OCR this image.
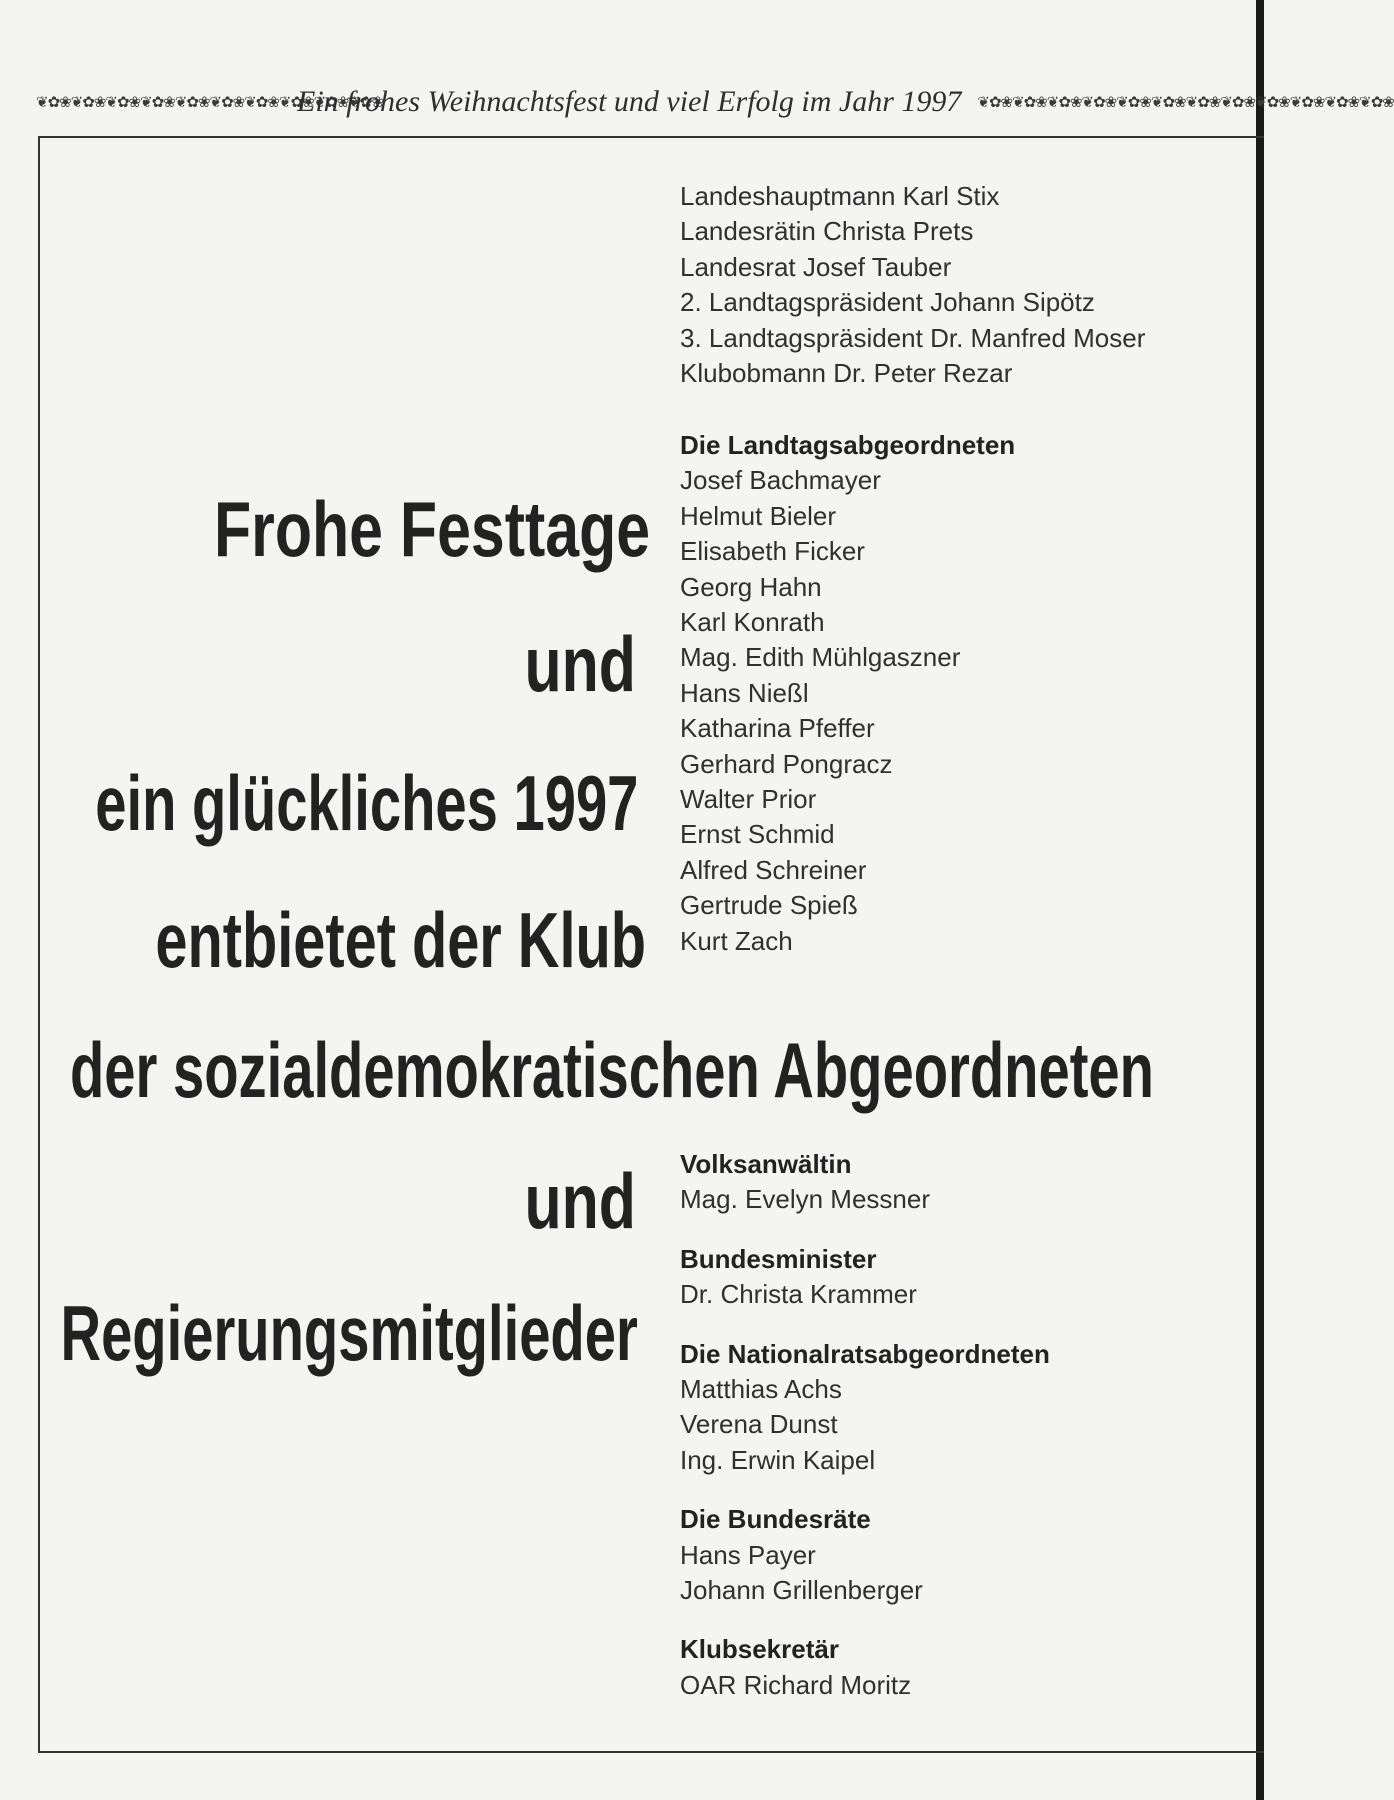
❦✿❀❦✿❀❦✿❀❦✿❀❦✿❀❦✿❀❦✿❀❦✿❀❦✿❀❦✿❀
Ein frohes Weihnachtsfest und viel Erfolg im Jahr 1997	❦✿❀❦✿❀❦✿❀❦✿❀❦✿❀❦✿❀❦✿❀❦✿❀❦✿❀❦✿❀❦✿❀❦✿❀
Landeshauptmann Karl Stix
Landesrätin Christa Prets
Landesrat Josef Tauber
2. Landtagspräsident Johann Sipötz
3. Landtagspräsident Dr. Manfred Moser
Klubobmann Dr. Peter Rezar
Die Landtagsabgeordneten
Josef Bachmayer
Helmut Bieler
Elisabeth Ficker
Georg Hahn
Karl Konrath
Mag. Edith Mühlgaszner
Hans Nießl
Katharina Pfeffer
Gerhard Pongracz
Walter Prior
Ernst Schmid
Alfred Schreiner
Gertrude Spieß
Kurt Zach
Volksanwältin
Mag. Evelyn Messner
Bundesminister
Dr. Christa Krammer
Die Nationalratsabgeordneten
Matthias Achs
Verena Dunst
Ing. Erwin Kaipel
Die Bundesräte
Hans Payer
Johann Grillenberger
Klubsekretär
OAR Richard Moritz
Frohe Festtage
und
ein glückliches 1997
entbietet der Klub
der sozialdemokratischen Abgeordneten
und
Regierungsmitglieder
